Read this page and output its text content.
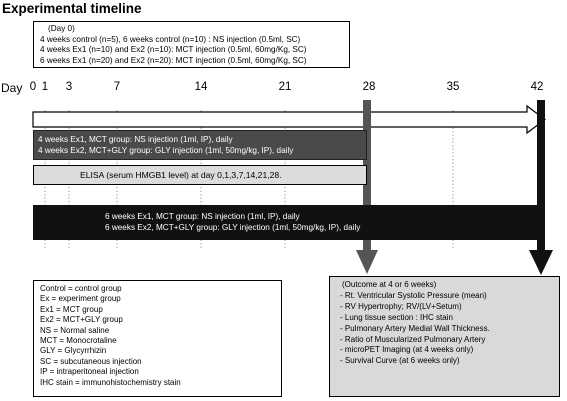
Experimental timeline
(Day 0)
4 weeks control (n=5), 6 weeks control (n=10) : NS injection (0.5ml, SC)
4 weeks Ex1 (n=10) and Ex2 (n=10): MCT injection (0.5ml, 60mg/Kg, SC)
6 weeks Ex1 (n=20) and Ex2 (n=20): MCT injection (0.5ml, 60mg/Kg, SC)
Day 0 1 3	7	14	21	28	35	42
4 weeks Ex1, MCT group: NS injection (1ml, IP), daily
4 weeks Ex2, MCT+GLY group: GLY injection (1ml, 50mg/kg, IP), daily
ELISA (serum HMGB1 level) at day 0,1,3,7,14,21,28.
6 weeks Ex1, MCT group: NS injection (1ml, IP), daily
6 weeks Ex2, MCT+GLY group: GLY injection (1ml, 50mg/kg, IP), daily
Control = control group
Ex = experiment group
Ex1 = MCT group
Ex2 = MCT+GLY group
NS = Normal saline
MCT = Monocrotaline
GLY = Glycyrrhizin
SC = subcutaneous injection
IP = intraperitoneal injection
IHC stain = immunohistochemistry stain
(Outcome at 4 or 6 weeks)
- Rt. Ventricular Systolic Pressure (mean)
- RV Hypertrophy; RV/(LV+Setum)
- Lung tissue section : IHC stain
- Pulmonary Artery Medial Wall Thickness.
- Ratio of Muscularized Pulmonary Artery
- microPET Imaging (at 4 weeks only)
- Survival Curve (at 6 weeks only)
